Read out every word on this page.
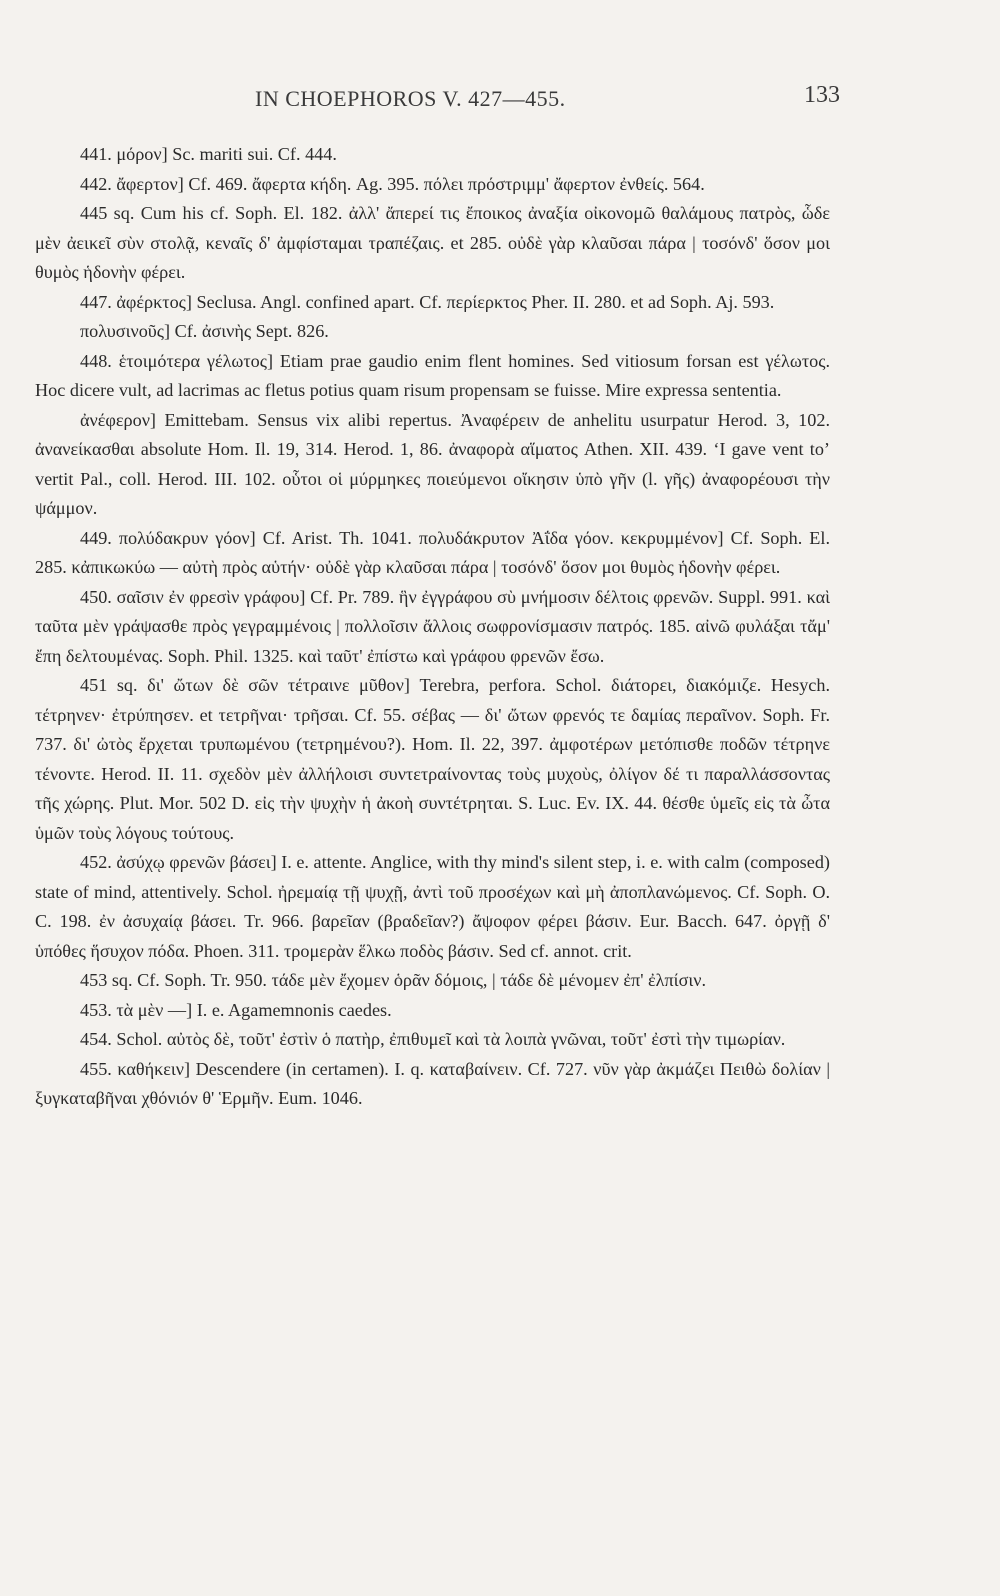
IN CHOEPHOROS V. 427—455.	133

441. μόρον] Sc. mariti sui. Cf. 444.

442. ἄφερτον] Cf. 469. ἄφερτα κήδη. Ag. 395. πόλει πρόστριμμ' ἄφερτον ἐνθείς. 564.

445 sq. Cum his cf. Soph. El. 182. ἀλλ' ἄπερεί τις ἔποικος ἀναξία οἰκονομῶ θαλάμους πατρὸς, ὧδε μὲν ἀεικεῖ σὺν στολᾷ, κεναῖς δ' ἀμφίσταμαι τραπέζαις. et 285. οὐδὲ γὰρ κλαῦσαι πάρα | τοσόνδ' ὅσον μοι θυμὸς ἡδονὴν φέρει.

447. ἀφέρκτος] Seclusa. Angl. confined apart. Cf. περίερκτος Pher. II. 280. et ad Soph. Aj. 593.

πολυσινοῦς] Cf. ἀσινὴς Sept. 826.

448. ἑτοιμότερα γέλωτος] Etiam prae gaudio enim flent homines. Sed vitiosum forsan est γέλωτος. Hoc dicere vult, ad lacrimas ac fletus potius quam risum propensam se fuisse. Mire expressa sententia.

ἀνέφερον] Emittebam. Sensus vix alibi repertus. Ἀναφέρειν de anhelitu usurpatur Herod. 3, 102. ἀνανείκασθαι absolute Hom. Il. 19, 314. Herod. 1, 86. ἀναφορὰ αἵματος Athen. XII. 439. ‘I gave vent to’ vertit Pal., coll. Herod. III. 102. οὗτοι οἱ μύρμηκες ποιεύμενοι οἴκησιν ὑπὸ γῆν (l. γῆς) ἀναφορέουσι τὴν ψάμμον.

449. πολύδακρυν γόον] Cf. Arist. Th. 1041. πολυδάκρυτον Ἀΐδα γόον. κεκρυμμένον] Cf. Soph. El. 285. κἀπικωκύω — αὐτὴ πρὸς αὑτήν· οὐδὲ γὰρ κλαῦσαι πάρα | τοσόνδ' ὅσον μοι θυμὸς ἡδονὴν φέρει.

450. σαῖσιν ἐν φρεσὶν γράφου] Cf. Pr. 789. ἣν ἐγγράφου σὺ μνήμοσιν δέλτοις φρενῶν. Suppl. 991. καὶ ταῦτα μὲν γράψασθε πρὸς γεγραμμένοις | πολλοῖσιν ἄλλοις σωφρονίσμασιν πατρός. 185. αἰνῶ φυλάξαι τἄμ' ἔπη δελτουμένας. Soph. Phil. 1325. καὶ ταῦτ' ἐπίστω καὶ γράφου φρενῶν ἔσω.

451 sq. δι' ὤτων δὲ σῶν τέτραινε μῦθον] Terebra, perfora. Schol. διάτορει, διακόμιζε. Hesych. τέτρηνεν· ἐτρύπησεν. et τετρῆναι· τρῆσαι. Cf. 55. σέβας — δι' ὤτων φρενός τε δαμίας περαῖνον. Soph. Fr. 737. δι' ὠτὸς ἔρχεται τρυπωμένου (τετρημένου?). Hom. Il. 22, 397. ἀμφοτέρων μετόπισθε ποδῶν τέτρηνε τένοντε. Herod. II. 11. σχεδὸν μὲν ἀλλήλοισι συντετραίνοντας τοὺς μυχοὺς, ὀλίγον δέ τι παραλλάσσοντας τῆς χώρης. Plut. Mor. 502 D. εἰς τὴν ψυχὴν ἡ ἀκοὴ συντέτρηται. S. Luc. Ev. IX. 44. θέσθε ὑμεῖς εἰς τὰ ὦτα ὑμῶν τοὺς λόγους τούτους.

452. ἀσύχῳ φρενῶν βάσει] I. e. attente. Anglice, with thy mind's silent step, i. e. with calm (composed) state of mind, attentively. Schol. ἠρεμαίᾳ τῇ ψυχῇ, ἀντὶ τοῦ προσέχων καὶ μὴ ἀποπλανώμενος. Cf. Soph. O. C. 198. ἐν ἀσυχαίᾳ βάσει. Tr. 966. βαρεῖαν (βραδεῖαν?) ἄψοφον φέρει βάσιν. Eur. Bacch. 647. ὀργῇ δ' ὑπόθες ἥσυχον πόδα. Phoen. 311. τρομερὰν ἕλκω ποδὸς βάσιν. Sed cf. annot. crit.

453 sq. Cf. Soph. Tr. 950. τάδε μὲν ἔχομεν ὁρᾶν δόμοις, | τάδε δὲ μένομεν ἐπ' ἐλπίσιν.

453. τὰ μὲν —] I. e. Agamemnonis caedes.

454. Schol. αὐτὸς δὲ, τοῦτ' ἐστὶν ὁ πατὴρ, ἐπιθυμεῖ καὶ τὰ λοιπὰ γνῶναι, τοῦτ' ἐστὶ τὴν τιμωρίαν.

455. καθήκειν] Descendere (in certamen). I. q. καταβαίνειν. Cf. 727. νῦν γὰρ ἀκμάζει Πειθὼ δολίαν | ξυγκαταβῆναι χθόνιόν θ' Ἑρμῆν. Eum. 1046.
